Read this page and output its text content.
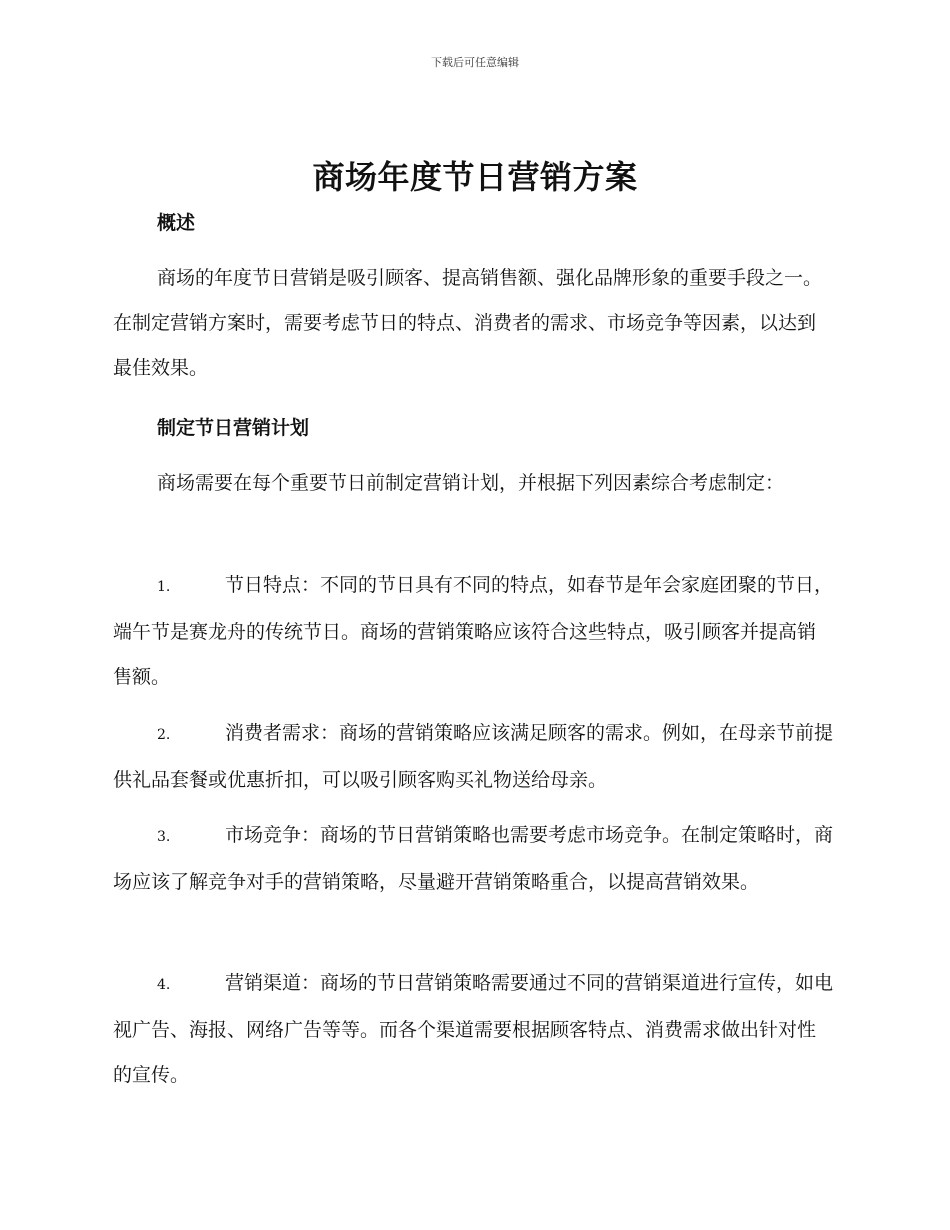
下载后可任意编辑
商场年度节日营销方案
概述

商场的年度节日营销是吸引顾客、提高销售额、强化品牌形象的重要手段之一。在制定营销方案时，需要考虑节日的特点、消费者的需求、市场竞争等因素，以达到最佳效果。

制定节日营销计划

商场需要在每个重要节日前制定营销计划，并根据下列因素综合考虑制定：

1.	节日特点：不同的节日具有不同的特点，如春节是年会家庭团聚的节日，端午节是赛龙舟的传统节日。商场的营销策略应该符合这些特点，吸引顾客并提高销售额。

2.	消费者需求：商场的营销策略应该满足顾客的需求。例如，在母亲节前提供礼品套餐或优惠折扣，可以吸引顾客购买礼物送给母亲。

3.	市场竞争：商场的节日营销策略也需要考虑市场竞争。在制定策略时，商场应该了解竞争对手的营销策略，尽量避开营销策略重合，以提高营销效果。

4.	营销渠道：商场的节日营销策略需要通过不同的营销渠道进行宣传，如电视广告、海报、网络广告等等。而各个渠道需要根据顾客特点、消费需求做出针对性的宣传。
